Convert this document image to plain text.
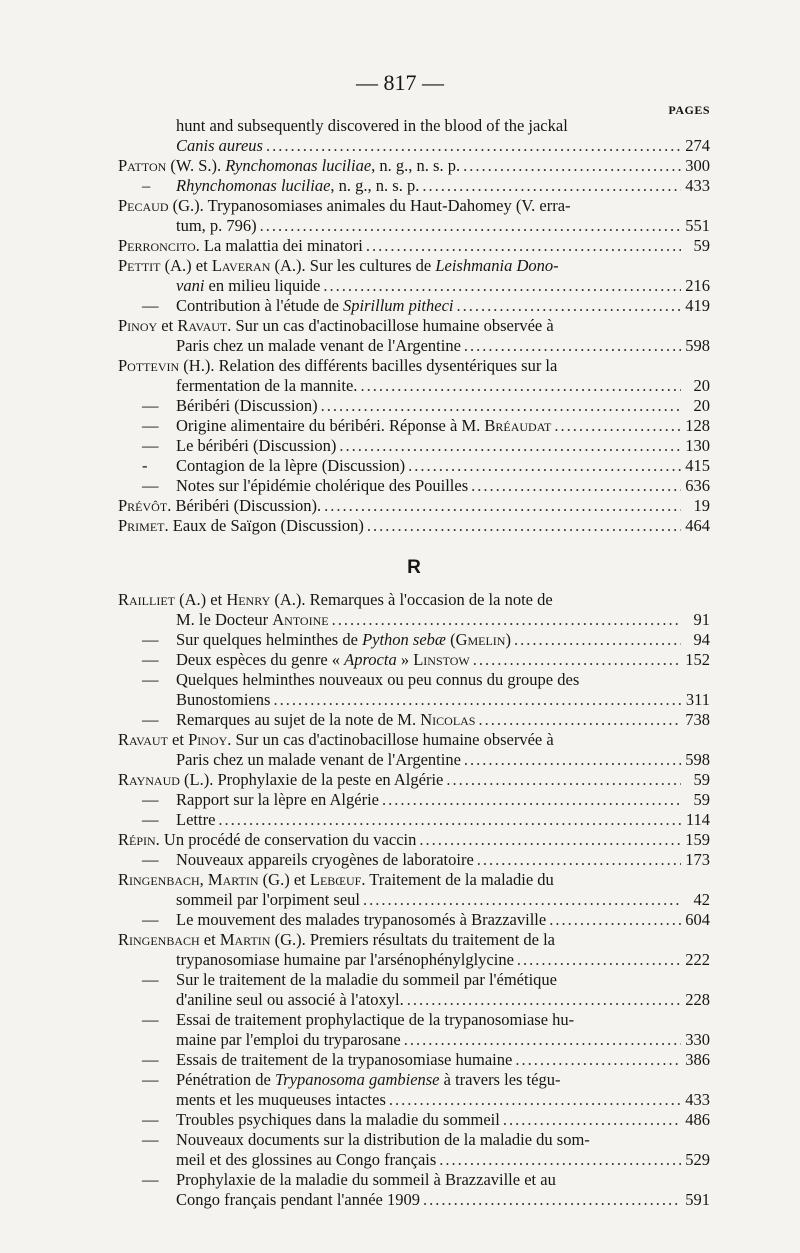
— 817 —
PAGES
hunt and subsequently discovered in the blood of the jackal
Canis aureus .....	274
Patton (W. S.). Rynchomonas luciliae, n. g., n. s. p. .....	300
–	Rhynchomonas luciliae, n. g., n. s. p. .....	433
Pecaud (G.). Trypanosomiases animales du Haut-Dahomey (V. erra-
tum, p. 796) .....	551
Perroncito. La malattia dei minatori .....	59
Pettit (A.) et Laveran (A.). Sur les cultures de Leishmania Dono-
vani en milieu liquide .....	216
—	Contribution à l'étude de Spirillum pitheci .....	419
Pinoy et Ravaut. Sur un cas d'actinobacillose humaine observée à
Paris chez un malade venant de l'Argentine .....	598
Pottevin (H.). Relation des différents bacilles dysentériques sur la
fermentation de la mannite. .....	20
—	Béribéri (Discussion) .....	20
—	Origine alimentaire du béribéri. Réponse à M. Bréaudat .....	128
—	Le béribéri (Discussion) .....	130
-	Contagion de la lèpre (Discussion) .....	415
—	Notes sur l'épidémie cholérique des Pouilles .....	636
Prévôt. Béribéri (Discussion). .....	19
Primet. Eaux de Saïgon (Discussion) .....	464
R
Railliet (A.) et Henry (A.). Remarques à l'occasion de la note de
M. le Docteur Antoine .....	91
—	Sur quelques helminthes de Python sebæ (Gmelin) .....	94
—	Deux espèces du genre « Aprocta » Linstow .....	152
—	Quelques helminthes nouveaux ou peu connus du groupe des
Bunostomiens .....	311
—	Remarques au sujet de la note de M. Nicolas .....	738
Ravaut et Pinoy. Sur un cas d'actinobacillose humaine observée à
Paris chez un malade venant de l'Argentine .....	598
Raynaud (L.). Prophylaxie de la peste en Algérie .....	59
—	Rapport sur la lèpre en Algérie .....	59
—	Lettre .....	114
Répin. Un procédé de conservation du vaccin .....	159
—	Nouveaux appareils cryogènes de laboratoire .....	173
Ringenbach, Martin (G.) et Lebœuf. Traitement de la maladie du
sommeil par l'orpiment seul .....	42
—	Le mouvement des malades trypanosomés à Brazzaville .....	604
Ringenbach et Martin (G.). Premiers résultats du traitement de la
trypanosomiase humaine par l'arsénophénylglycine .....	222
—	Sur le traitement de la maladie du sommeil par l'émétique
d'aniline seul ou associé à l'atoxyl. .....	228
—	Essai de traitement prophylactique de la trypanosomiase hu-
maine par l'emploi du tryparosane .....	330
—	Essais de traitement de la trypanosomiase humaine .....	386
—	Pénétration de Trypanosoma gambiense à travers les tégu-
ments et les muqueuses intactes .....	433
—	Troubles psychiques dans la maladie du sommeil .....	486
—	Nouveaux documents sur la distribution de la maladie du som-
meil et des glossines au Congo français .....	529
—	Prophylaxie de la maladie du sommeil à Brazzaville et au
Congo français pendant l'année 1909 .....	591
